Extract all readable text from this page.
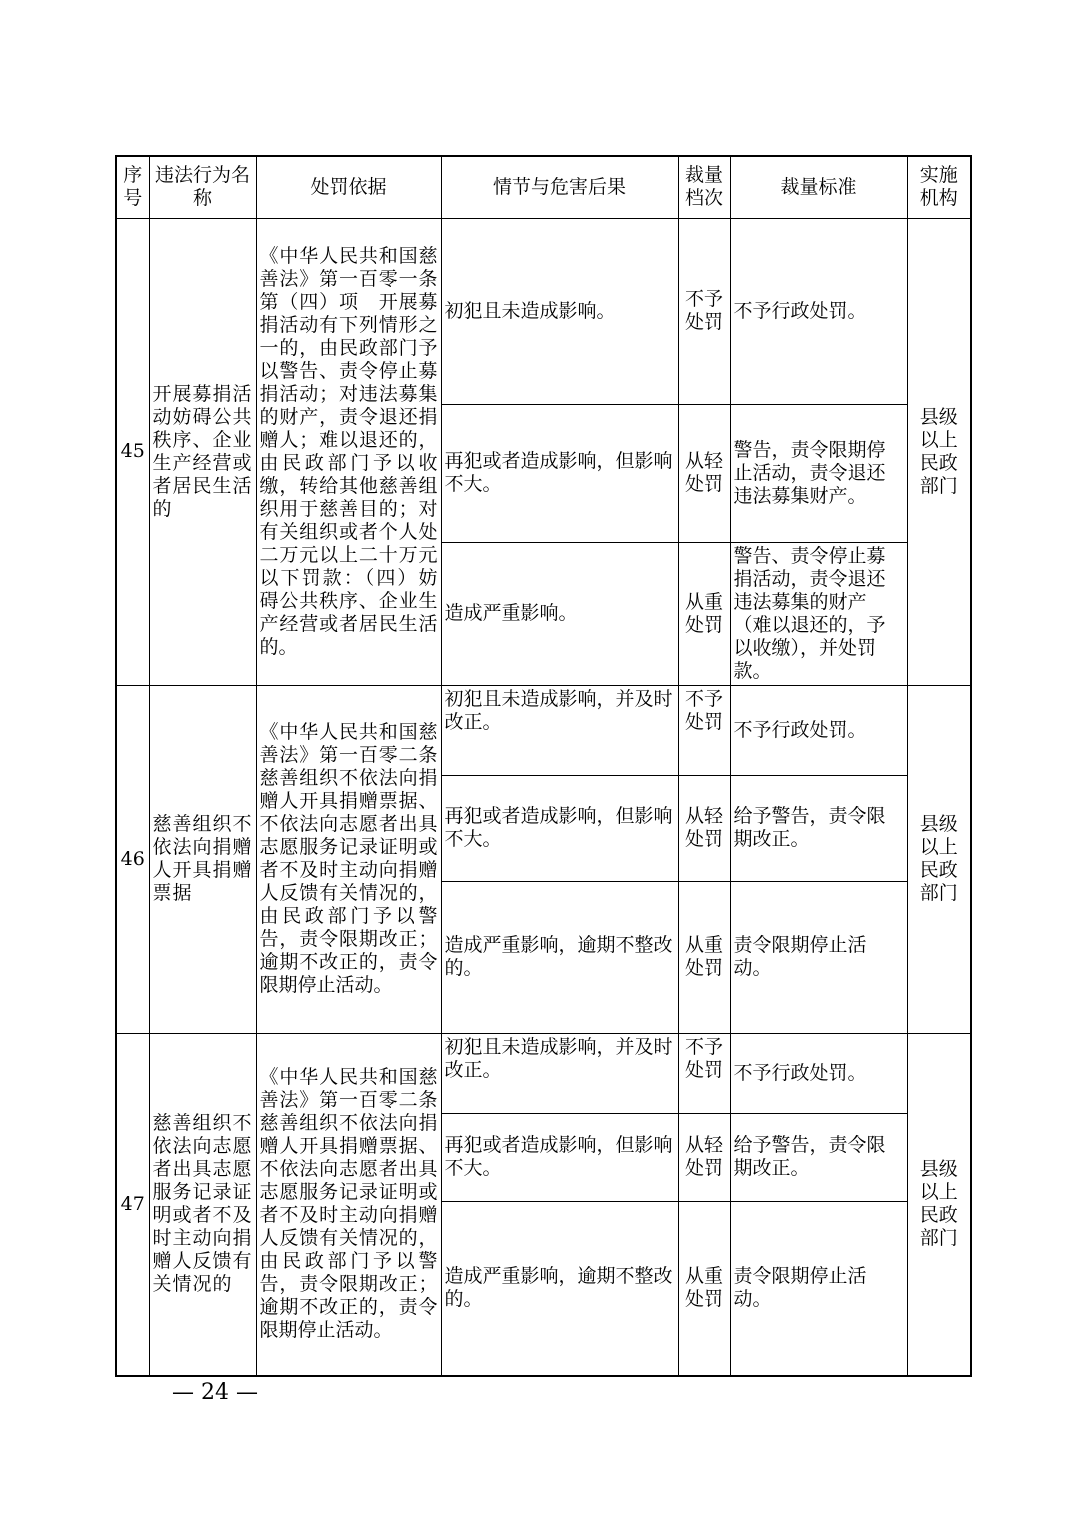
序号	违法行为名称	处罚依据	情节与危害后果	裁量档次	裁量标准	实施机构
45	开展募捐活动妨碍公共秩序、企业生产经营或者居民生活的	《中华人民共和国慈善法》第一百零一条第（四）项　开展募捐活动有下列情形之一的，由民政部门予以警告、责令停止募捐活动；对违法募集的财产，责令退还捐赠人；难以退还的，由民政部门予以收缴，转给其他慈善组织用于慈善目的；对有关组织或者个人处二万元以上二十万元以下罚款：（四）妨碍公共秩序、企业生产经营或者居民生活的。	初犯且未造成影响。	不予处罚	不予行政处罚。	县级以上民政部门
			再犯或者造成影响，但影响不大。	从轻处罚	警告，责令限期停止活动，责令退还违法募集财产。	
			造成严重影响。	从重处罚	警告、责令停止募捐活动，责令退还违法募集的财产（难以退还的，予以收缴），并处罚款。	
46	慈善组织不依法向捐赠人开具捐赠票据	《中华人民共和国慈善法》第一百零二条　慈善组织不依法向捐赠人开具捐赠票据、不依法向志愿者出具志愿服务记录证明或者不及时主动向捐赠人反馈有关情况的，由民政部门予以警告，责令限期改正；逾期不改正的，责令限期停止活动。	初犯且未造成影响，并及时改正。	不予处罚	不予行政处罚。	县级以上民政部门
			再犯或者造成影响，但影响不大。	从轻处罚	给予警告，责令限期改正。	
			造成严重影响，逾期不整改的。	从重处罚	责令限期停止活动。	
47	慈善组织不依法向志愿者出具志愿服务记录证明或者不及时主动向捐赠人反馈有关情况的	《中华人民共和国慈善法》第一百零二条　慈善组织不依法向捐赠人开具捐赠票据、不依法向志愿者出具志愿服务记录证明或者不及时主动向捐赠人反馈有关情况的，由民政部门予以警告，责令限期改正；逾期不改正的，责令限期停止活动。	初犯且未造成影响，并及时改正。	不予处罚	不予行政处罚。	县级以上民政部门
			再犯或者造成影响，但影响不大。	从轻处罚	给予警告，责令限期改正。	
			造成严重影响，逾期不整改的。	从重处罚	责令限期停止活动。	
— 24 —
